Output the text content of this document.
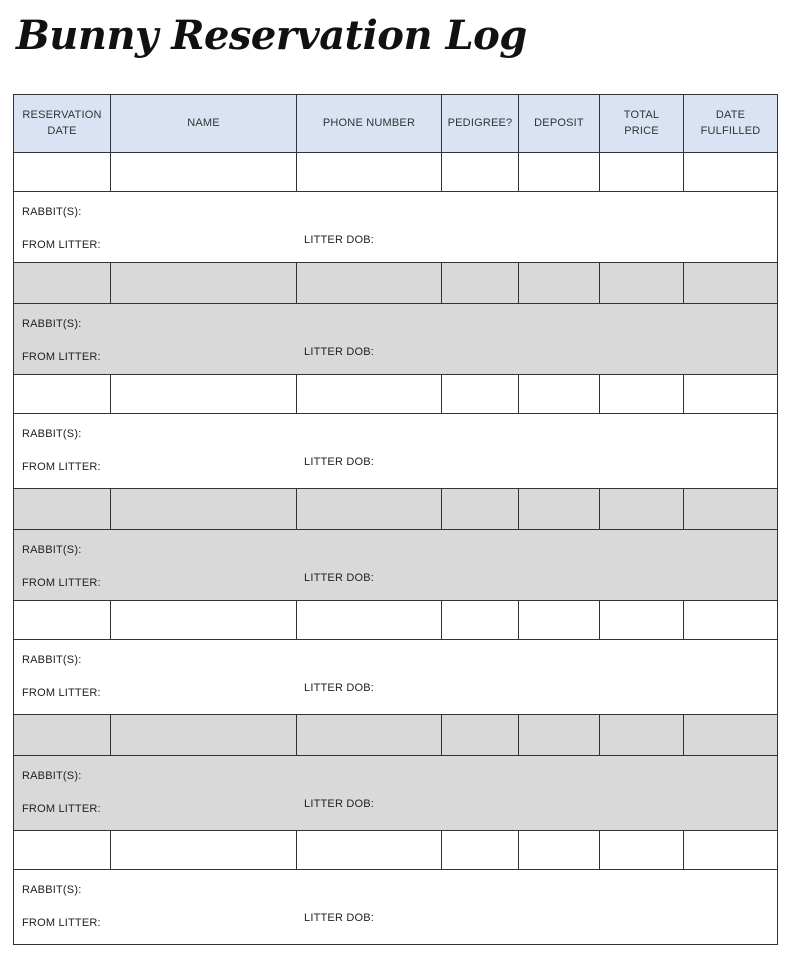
Bunny Reservation Log
RESERVATION DATE	NAME	PHONE NUMBER	PEDIGREE?	DEPOSIT	TOTAL PRICE	DATE FULFILLED

RABBIT(S):
FROM LITTER: LITTER DOB:						

RABBIT(S):
FROM LITTER: LITTER DOB:						

RABBIT(S):
FROM LITTER: LITTER DOB:						

RABBIT(S):
FROM LITTER: LITTER DOB:						

RABBIT(S):
FROM LITTER: LITTER DOB:						

RABBIT(S):
FROM LITTER: LITTER DOB:						

RABBIT(S):
FROM LITTER: LITTER DOB:						
